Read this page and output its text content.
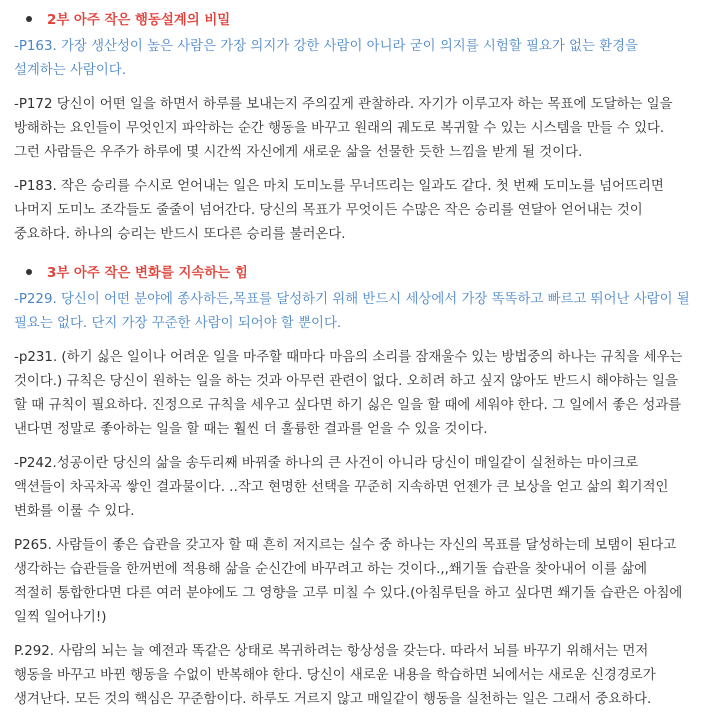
2부 아주 작은 행동설계의 비밀

-P163. 가장 생산성이 높은 사람은 가장 의지가 강한 사람이 아니라 굳이 의지를 시험할 필요가 없는 환경을 설계하는 사람이다.

-P172 당신이 어떤 일을 하면서 하루를 보내는지 주의깊게 관찰하라. 자기가 이루고자 하는 목표에 도달하는 일을 방해하는 요인들이 무엇인지 파악하는 순간 행동을 바꾸고 원래의 궤도로 복귀할 수 있는 시스템을 만들 수 있다.그런 사람들은 우주가 하루에 몇 시간씩 자신에게 새로운 삶을 선물한 듯한 느낌을 받게 될 것이다.

-P183. 작은 승리를 수시로 얻어내는 일은 마치 도미노를 무너뜨리는 일과도 같다. 첫 번째 도미노를 넘어뜨리면 나머지 도미노 조각들도 줄줄이 넘어간다. 당신의 목표가 무엇이든 수많은 작은 승리를 연달아 얻어내는 것이 중요하다. 하나의 승리는 반드시 또다른 승리를 불러온다.

3부 아주 작은 변화를 지속하는 힘

-P229. 당신이 어떤 분야에 종사하든,목표를 달성하기 위해 반드시 세상에서 가장 똑똑하고 빠르고 뛰어난 사람이 될 필요는 없다. 단지 가장 꾸준한 사람이 되어야 할 뿐이다.

-p231. (하기 싫은 일이나 어려운 일을 마주할 때마다 마음의 소리를 잠재울수 있는 방법중의 하나는 규칙을 세우는 것이다.) 규칙은 당신이 원하는 일을 하는 것과 아무런 관련이 없다. 오히려 하고 싶지 않아도 반드시 해야하는 일을 할 때 규칙이 필요하다. 진정으로 규칙을 세우고 싶다면 하기 싫은 일을 할 때에 세워야 한다. 그 일에서 좋은 성과를 낸다면 정말로 좋아하는 일을 할 때는 훨씬 더 훌륭한 결과를 얻을 수 있을 것이다.

-P242.성공이란 당신의 삶을 송두리째 바꿔줄 하나의 큰 사건이 아니라 당신이 매일같이 실천하는 마이크로 액션들이 차곡차곡 쌓인 결과물이다. ..작고 현명한 선택을 꾸준히 지속하면 언젠가 큰 보상을 얻고 삶의 획기적인 변화를 이룰 수 있다.

P265. 사람들이 좋은 습관을 갖고자 할 때 흔히 저지르는 실수 중 하나는 자신의 목표를 달성하는데 보탬이 된다고 생각하는 습관들을 한꺼번에 적용해 삶을 순신간에 바꾸려고 하는 것이다.,,쐐기돌 습관을 찾아내어 이를 삶에 적절히 통합한다면 다른 여러 분야에도 그 영향을 고루 미칠 수 있다.(아침루틴을 하고 싶다면 쐐기돌 습관은 아침에 일찍 일어나기!)

P.292. 사람의 뇌는 늘 예전과 똑같은 상태로 복귀하려는 항상성을 갖는다. 따라서 뇌를 바꾸기 위해서는 먼저 행동을 바꾸고 바뀐 행동을 수없이 반복해야 한다. 당신이 새로운 내용을 학습하면 뇌에서는 새로운 신경경로가 생겨난다. 모든 것의 핵심은 꾸준함이다. 하루도 거르지 않고 매일같이 행동을 실천하는 일은 그래서 중요하다.
